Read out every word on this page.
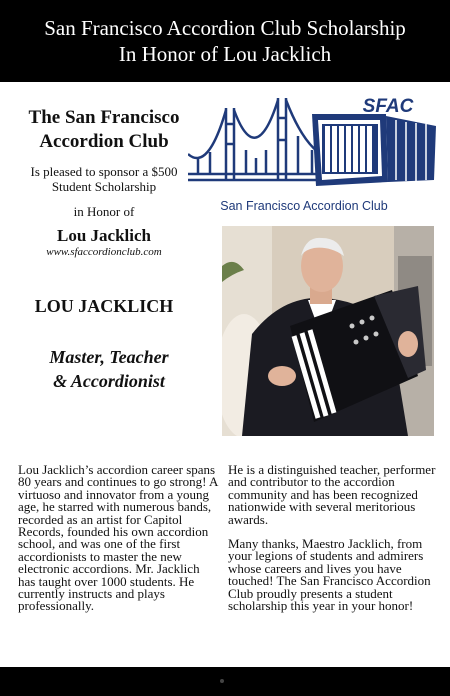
San Francisco Accordion Club Scholarship
In Honor of Lou Jacklich
The San Francisco
Accordion Club
Is pleased to sponsor a $500 Student Scholarship
in Honor of
Lou Jacklich
www.sfaccordionclub.com
SFAC
San Francisco Accordion Club
LOU JACKLICH
Master, Teacher
& Accordionist

Lou Jacklich’s accordion career spans 80 years and continues to go strong! A virtuoso and innovator from a young age, he starred with numerous bands, recorded as an artist for Capitol Records, founded his own accordion school, and was one of the first accordionists to master the new electronic accordions. Mr. Jacklich has taught over 1000 students. He currently instructs and plays professionally.

He is a distinguished teacher, performer and contributor to the accordion community and has been recognized nationwide with several meritorious awards.

Many thanks, Maestro Jacklich, from your legions of students and admirers whose careers and lives you have touched! The San Francisco Accordion Club proudly presents a student scholarship this year in your honor!
